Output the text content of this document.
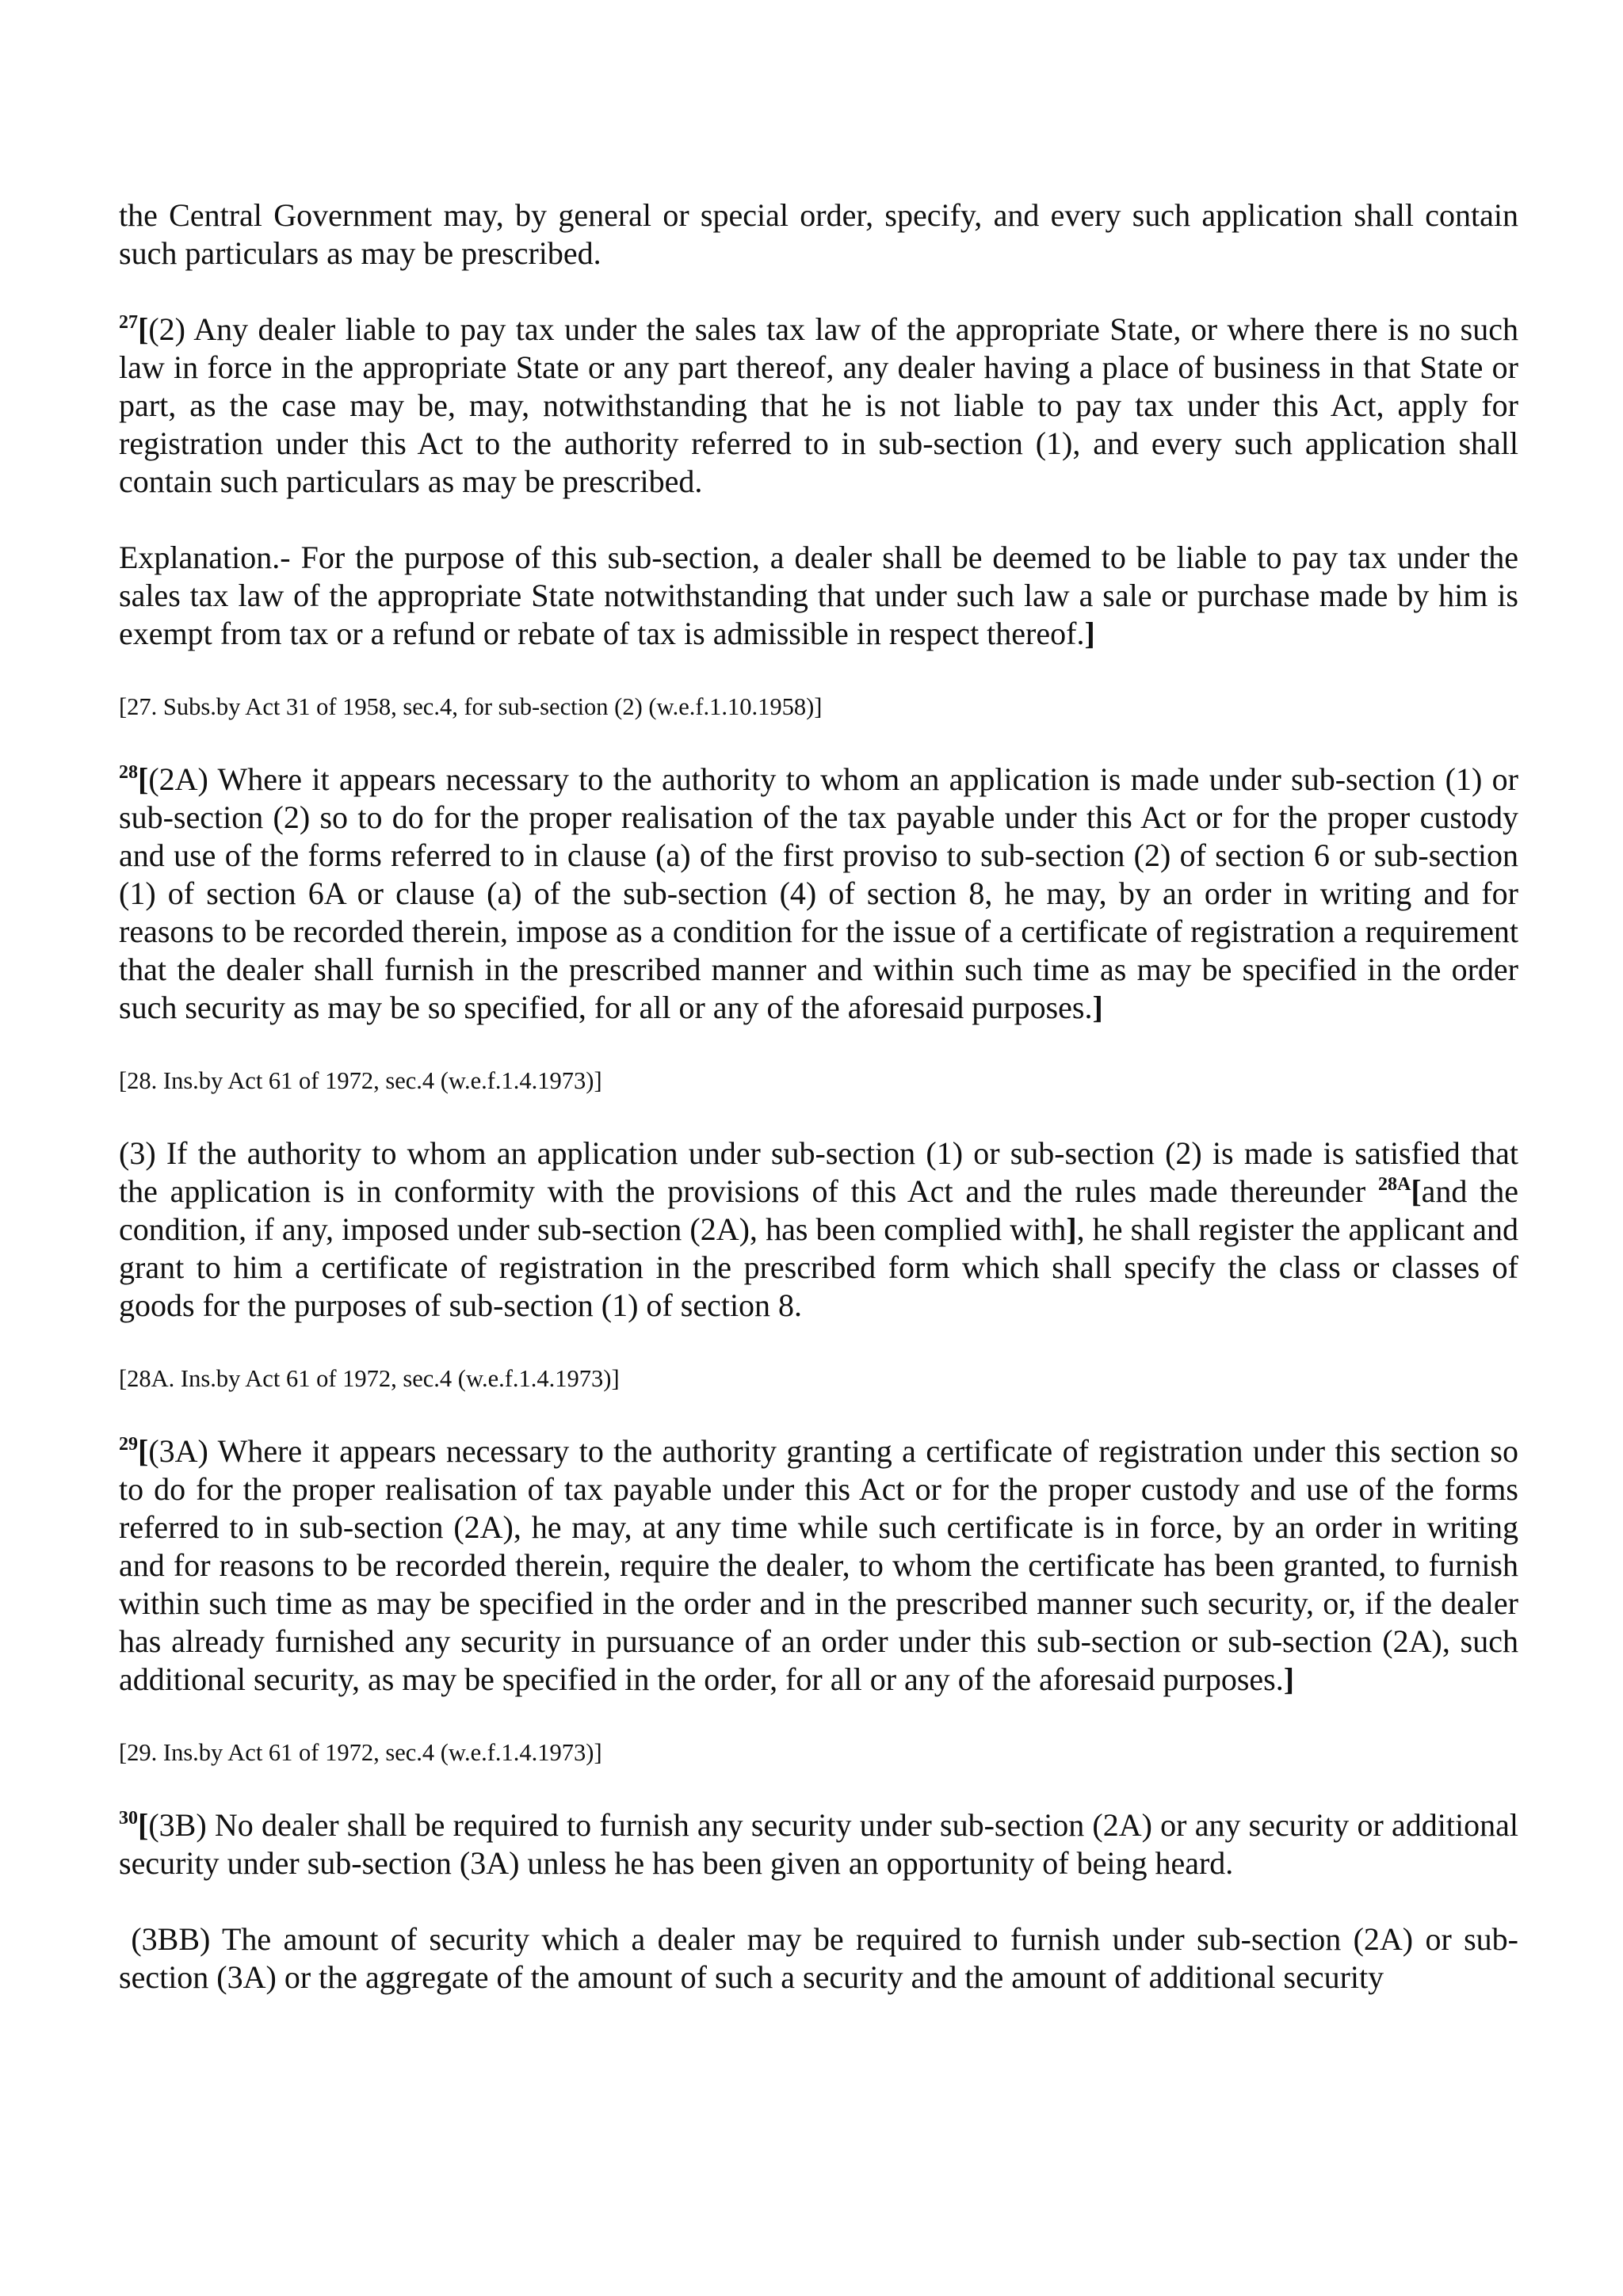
the Central Government may, by general or special order, specify, and every such application shall contain such particulars as may be prescribed.

$^{27}$[(2) Any dealer liable to pay tax under the sales tax law of the appropriate State, or where there is no such law in force in the appropriate State or any part thereof, any dealer having a place of business in that State or part, as the case may be, may, notwithstanding that he is not liable to pay tax under this Act, apply for registration under this Act to the authority referred to in sub-section (1), and every such application shall contain such particulars as may be prescribed.

Explanation.- For the purpose of this sub-section, a dealer shall be deemed to be liable to pay tax under the sales tax law of the appropriate State notwithstanding that under such law a sale or purchase made by him is exempt from tax or a refund or rebate of tax is admissible in respect thereof.]

[27. Subs.by Act 31 of 1958, sec.4, for sub-section (2) (w.e.f.1.10.1958)]

$^{28}$[(2A) Where it appears necessary to the authority to whom an application is made under sub-section (1) or sub-section (2) so to do for the proper realisation of the tax payable under this Act or for the proper custody and use of the forms referred to in clause (a) of the first proviso to sub-section (2) of section 6 or sub-section (1) of section 6A or clause (a) of the sub-section (4) of section 8, he may, by an order in writing and for reasons to be recorded therein, impose as a condition for the issue of a certificate of registration a requirement that the dealer shall furnish in the prescribed manner and within such time as may be specified in the order such security as may be so specified, for all or any of the aforesaid purposes.]

[28. Ins.by Act 61 of 1972, sec.4 (w.e.f.1.4.1973)]

(3) If the authority to whom an application under sub-section (1) or sub-section (2) is made is satisfied that the application is in conformity with the provisions of this Act and the rules made thereunder $^{28A}$[and the condition, if any, imposed under sub-section (2A), has been complied with], he shall register the applicant and grant to him a certificate of registration in the prescribed form which shall specify the class or classes of goods for the purposes of sub-section (1) of section 8.

[28A. Ins.by Act 61 of 1972, sec.4 (w.e.f.1.4.1973)]

$^{29}$[(3A) Where it appears necessary to the authority granting a certificate of registration under this section so to do for the proper realisation of tax payable under this Act or for the proper custody and use of the forms referred to in sub-section (2A), he may, at any time while such certificate is in force, by an order in writing and for reasons to be recorded therein, require the dealer, to whom the certificate has been granted, to furnish within such time as may be specified in the order and in the prescribed manner such security, or, if the dealer has already furnished any security in pursuance of an order under this sub-section or sub-section (2A), such additional security, as may be specified in the order, for all or any of the aforesaid purposes.]

[29. Ins.by Act 61 of 1972, sec.4 (w.e.f.1.4.1973)]

$^{30}$[(3B) No dealer shall be required to furnish any security under sub-section (2A) or any security or additional security under sub-section (3A) unless he has been given an opportunity of being heard.

(3BB) The amount of security which a dealer may be required to furnish under sub-section (2A) or sub-section (3A) or the aggregate of the amount of such a security and the amount of additional security
